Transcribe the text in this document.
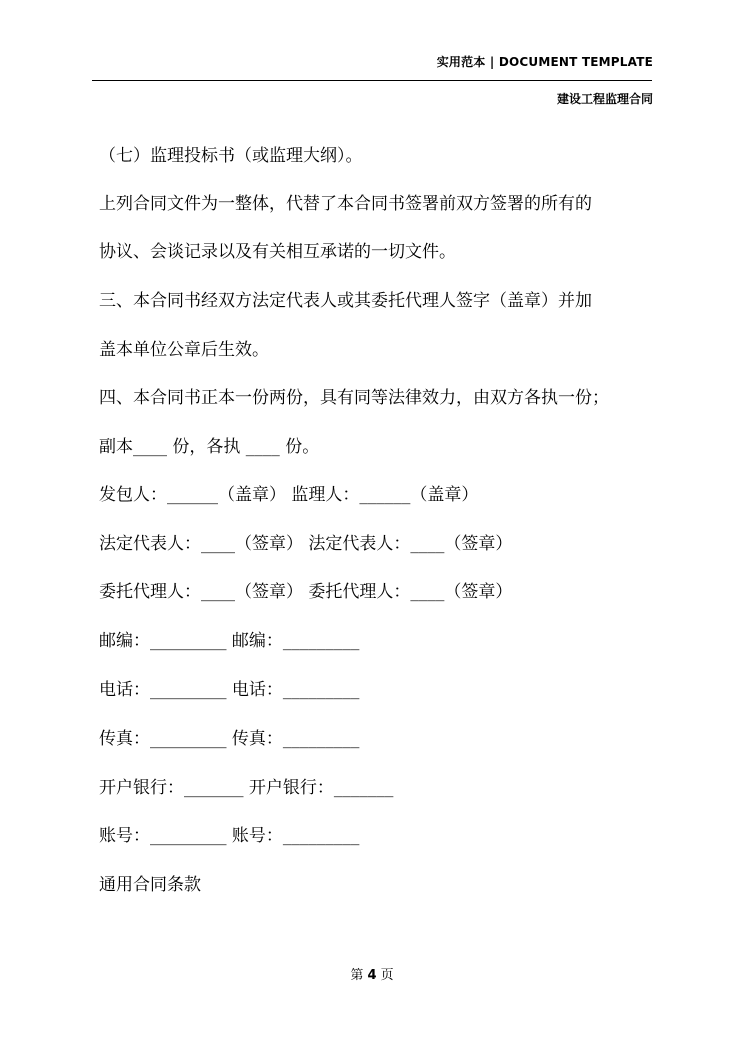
实用范本 | DOCUMENT TEMPLATE
建设工程监理合同
（七）监理投标书（或监理大纲）。
上列合同文件为一整体，代替了本合同书签署前双方签署的所有的
协议、会谈记录以及有关相互承诺的一切文件。
三、本合同书经双方法定代表人或其委托代理人签字（盖章）并加
盖本单位公章后生效。
四、本合同书正本一份两份，具有同等法律效力，由双方各执一份；
副本____ 份，各执 ____ 份。
发包人：______（盖章） 监理人：______（盖章）
法定代表人：____（签章） 法定代表人：____（签章）
委托代理人：____（签章） 委托代理人：____（签章）
邮编：_________ 邮编：_________
电话：_________ 电话：_________
传真：_________ 传真：_________
开户银行：_______ 开户银行：_______
账号：_________ 账号：_________
通用合同条款
第 4 页
